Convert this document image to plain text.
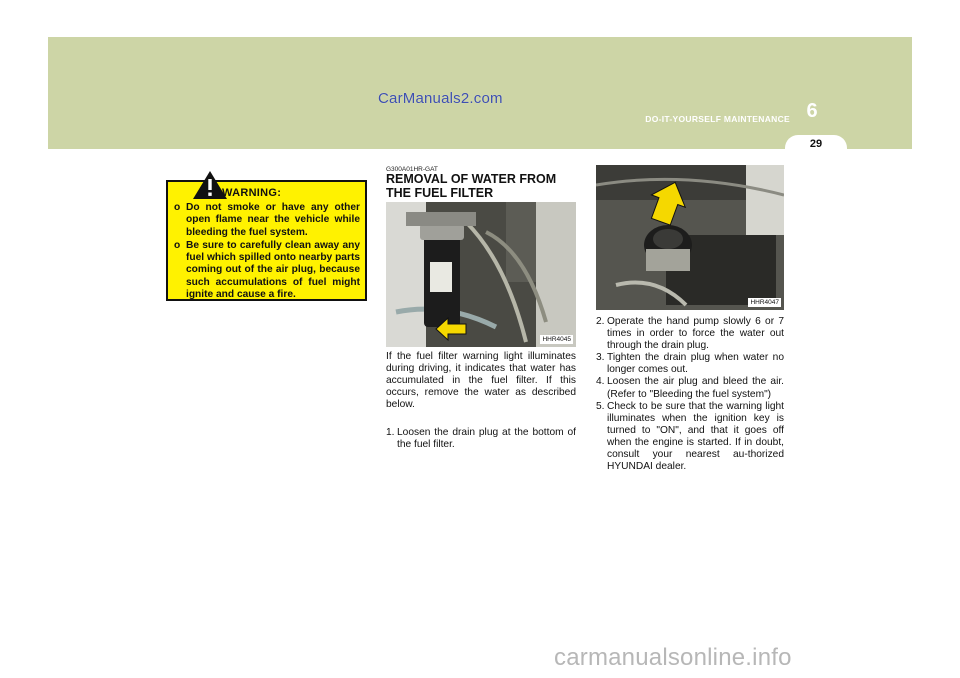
CarManuals2.com
6
DO-IT-YOURSELF MAINTENANCE
29
WARNING:
o Do not smoke or have any other open flame near the vehicle while bleeding the fuel system.
o Be sure to carefully clean away any fuel which spilled onto nearby parts coming out of the air plug, because such accumulations of fuel might ignite and cause a fire.
G300A01HR-GAT
REMOVAL OF WATER FROM THE FUEL FILTER
HHR4045
If the fuel filter warning light illuminates during driving, it indicates that water has accumulated in the fuel filter. If this occurs, remove the water as described below.
1. Loosen the drain plug at the bottom of the fuel filter.
HHR4047
2. Operate the hand pump slowly 6 or 7 times in order to force the water out through the drain plug.
3. Tighten the drain plug when water no longer comes out.
4. Loosen the air plug and bleed the air. (Refer to "Bleeding the fuel system")
5. Check to be sure that the warning light illuminates when the ignition key is turned to "ON", and that it goes off when the engine is started. If in doubt, consult your nearest au-thorized HYUNDAI dealer.
carmanualsonline.info
